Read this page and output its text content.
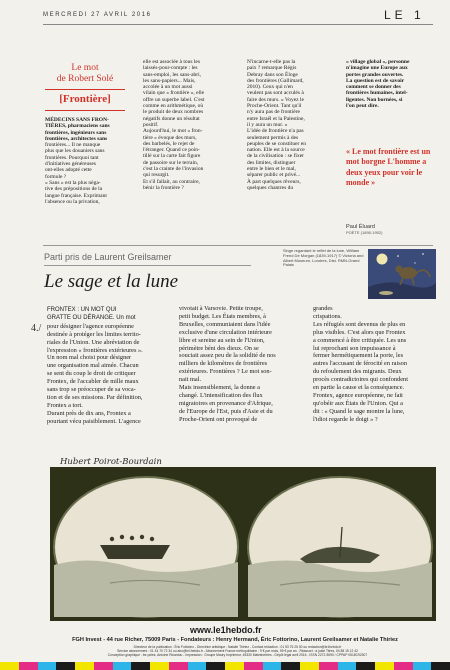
MERCREDI 27 AVRIL 2016	LE 1
Le mot
de Robert Solé
[Frontière]
MÉDECINS SANS FRON-
TIÈRES, pharmaciens sans
frontières, ingénieurs sans
frontières, architectes sans
frontières... Il ne manque
plus que les douaniers sans
frontières. Pourquoi tant
d'initiatives généreuses
ont-elles adopté cette
formule ?
« Sans » est la plus néga-
tive des prépositions de la
langue française. Exprimant
l'absence ou la privation,
elle est associée à tous les
laissés-pour-compte : les
sans-emploi, les sans-abri,
les sans-papiers... Mais,
accolée à un mot aussi
vilain que « frontière », elle
offre un superbe label. C'est
comme en arithmétique, où
le produit de deux nombres
négatifs donne un résultat
positif.
Aujourd'hui, le mot « fron-
tière » évoque des murs,
des barbelés, le rejet de
l'étranger. Quand ce poin-
tillé sur la carte fait figure
de passoire sur le terrain,
c'est la crainte de l'invasion
qui resurgit.
Et s'il fallait, au contraire,
bénir la frontière ?
N'incarne-t-elle pas la
paix ? remarque Régis
Debray dans son Éloge
des frontières (Gallimard,
2010). Ceux qui n'en
veulent pas sont acculés à
faire des murs. « Voyez le
Proche-Orient. Tant qu'il
n'y aura pas de frontière
entre Israël et la Palestine,
il y aura un mur. »
L'idée de frontière n'a pas
seulement permis à des
peuples de se constituer en
nation. Elle est à la source
de la civilisation : se fixer
des limites, distinguer
entre le bien et le mal,
séparer public et privé...
À part quelques rêveurs,
quelques chantres du
« village global », personne
n'imagine une Europe aux
portes grandes ouvertes.
La question est de savoir
comment se donner des
frontières humaines, intel-
ligentes. Non bornées, si
l'on peut dire.
« Le mot frontière est un mot borgne L'homme a deux yeux pour voir le monde »
Paul Éluard
POÈTE (1895-1952)
Parti pris de Laurent Greilsamer
Le sage et la lune
Singe regardant le reflet de la lune, William Frend De Morgan (1839-1917) © Victoria and Albert Museum, Londres, Dist. RMN-Grand Palais
4./
FRONTEX : UN MOT QUI
GRATTE OU DÉRANGE. Un mot
pour désigner l'agence européenne
destinée à protéger les limites territo-
riales de l'Union. Une abréviation de
l'expression « frontières extérieures ».
Un nom mal choisi pour désigner
une organisation mal aimée. Chacun
se sent du coup le droit de critiquer
Frontex, de l'accabler de mille maux
sans trop se préoccuper de sa voca-
tion et de ses missions. Par définition,
Frontex a tort.
Durant près de dix ans, Frontex a
pourtant vécu paisiblement. L'agence
vivotait à Varsovie. Petite troupe,
petit budget. Les États membres, à
Bruxelles, communiaient dans l'idée
exclusive d'une circulation intérieure
libre et sereine au sein de l'Union,
périmètre béni des dieux. On se
souciait assez peu de la solidité de nos
milliers de kilomètres de frontières
extérieures. Frontières ? Le mot son-
nait mal.
Mais insensiblement, la donne a
changé. L'intensification des flux
migratoires en provenance d'Afrique,
de l'Europe de l'Est, puis d'Asie et du
Proche-Orient ont provoqué de
grandes
crispations.
Les réfugiés sont devenus de plus en
plus visibles. C'est alors que Frontex
a commencé à être critiquée. Les uns
lui reprochant son impuissance à
fermer hermétiquement la porte, les
autres l'accusant de férocité en raison
du refoulement des migrants. Deux
procès contradictoires qui confondent
en partie la cause et la conséquence.
Frontex, agence européenne, ne fait
qu'obéir aux États de l'Union. Qui a
dit : « Quand le sage montre la lune,
l'idiot regarde le doigt » ?
Hubert Poirot-Bourdain
www.le1hebdo.fr
FGH Invest - 44 rue Richer, 75009 Paris - Fondateurs : Henry Hermand, Éric Fottorino, Laurent Greilsamer et Natalie Thiriez
Directeur de la publication : Éric Fottorino - Directrice artistique : Natalie Thiriez - Contact rédaction : 01 53 75 25 00 ou redaction@le1hebdo.fr
Service abonnement : 01 44 70 72 34 ou abo@le1hebdo.fr - Abonnement France métropolitaine : 9 € par mois, 99 € par an - Réassort : à juste Titres, 04 88 15 12 42
Conception graphique : be-poles, Antoine Ricardou - Impression : Groupe Maury Imprimeur, 45330 Malesherbes - Dépôt légal avril 2016 - ISSN 2272-9690 / CPPAP 0518C92307
